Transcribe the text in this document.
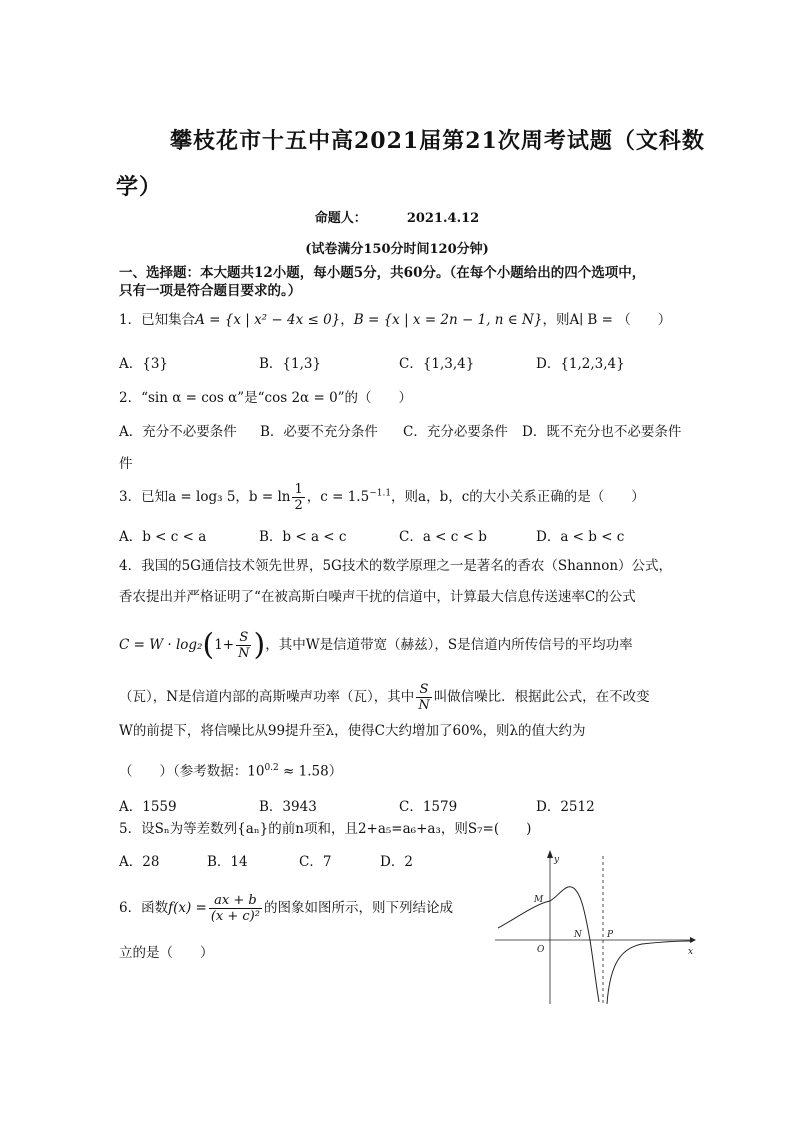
攀枝花市十五中高2021届第21次周考试题（文科数学）
命题人：	2021.4.12
(试卷满分150分时间120分钟)
一、选择题：本大题共12小题，每小题5分，共60分。（在每个小题给出的四个选项中，
只有一项是符合题目要求的。）
1．已知集合A = {x | x² − 4x ≤ 0}，B = {x | x = 2n − 1, n ∈ N}，则A∣ B = （　　）
A．{3}	B．{1,3}	C．{1,3,4}	D．{1,2,3,4}
2．“sin α = cos α”是“cos 2α = 0”的（　　）
A．充分不必要条件 B．必要不充分条件 C．充分必要条件 D．既不充分也不必要条件
件
3．已知a = log₃ 5，$b = \ln \frac{1}{2}$ ，$c = 1.5^{-1.1}$，则a，b，c的大小关系正确的是（　　）
A．b < c < a	B．b < a < c	C．a < c < b	D．a < b < c
4．我国的5G通信技术领先世界，5G技术的数学原理之一是著名的香农（Shannon）公式，
香农提出并严格证明了“在被高斯白噪声干扰的信道中，计算最大信息传送速率C的公式
$C = W \cdot \log_2(1+ \frac{S}{N}$ )，其中W是信道带宽（赫兹），S是信道内所传信号的平均功率
（瓦），N是信道内部的高斯噪声功率（瓦），其中 $\frac{S}{N}$ 叫做信噪比．根据此公式，在不改变
W的前提下，将信噪比从99提升至λ，使得C大约增加了60%，则λ的值大约为
（　　）（参考数据：$10^{0.2} \approx 1.58$）
A．1559	B．3943	C．1579	D．2512
5．设Sₙ为等差数列{aₙ}的前n项和，且2+a₅=a₆+a₃，则S₇=(　　)
A．28	B．14	C．7	D．2
6．函数$f(x) = \frac{ax + b}{\text{(x + c)²}}$ 的图象如图所示，则下列结论成
立的是（　　）
y
x
O
M
N	P
